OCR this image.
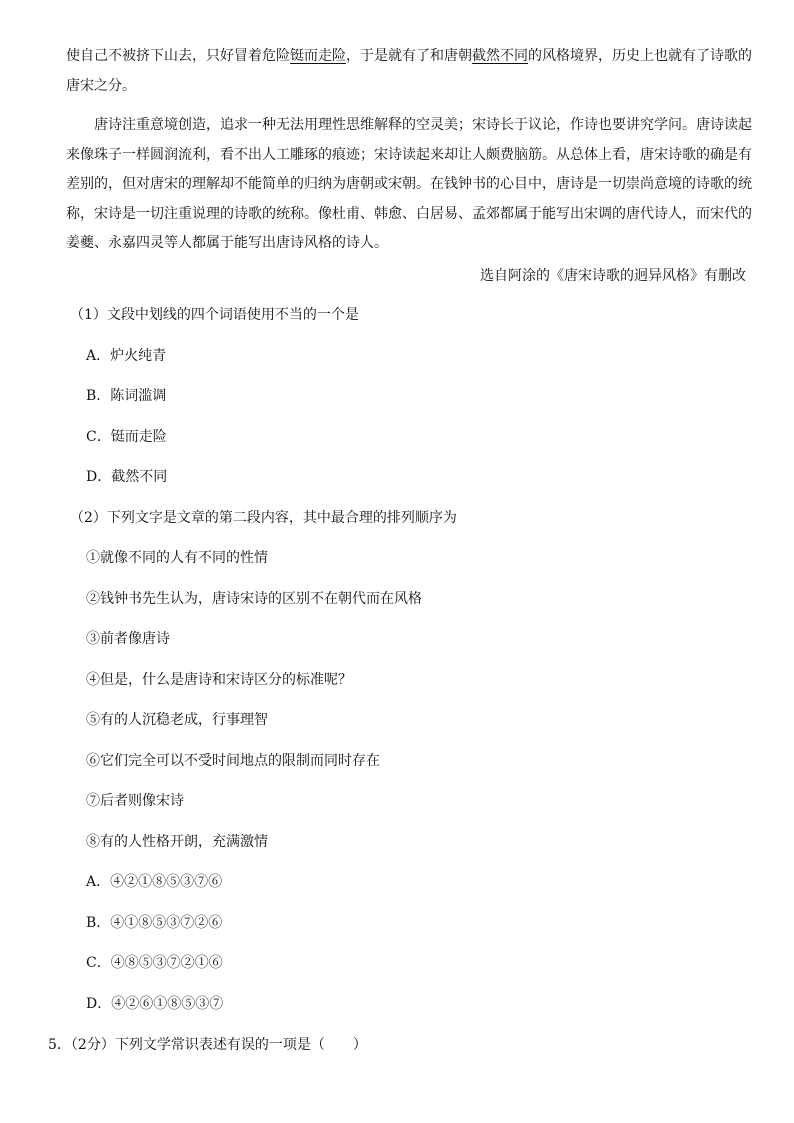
使自己不被挤下山去，只好冒着危险铤而走险，于是就有了和唐朝截然不同的风格境界，历史上也就有了诗歌的唐宋之分。

唐诗注重意境创造，追求一种无法用理性思维解释的空灵美；宋诗长于议论，作诗也要讲究学问。唐诗读起来像珠子一样圆润流利，看不出人工雕琢的痕迹；宋诗读起来却让人颇费脑筋。从总体上看，唐宋诗歌的确是有差别的，但对唐宋的理解却不能简单的归纳为唐朝或宋朝。在钱钟书的心目中，唐诗是一切崇尚意境的诗歌的统称，宋诗是一切注重说理的诗歌的统称。像杜甫、韩愈、白居易、孟郊都属于能写出宋调的唐代诗人，而宋代的姜夔、永嘉四灵等人都属于能写出唐诗风格的诗人。

选自阿涂的《唐宋诗歌的迥异风格》有删改
（1）文段中划线的四个词语使用不当的一个是
A．炉火纯青
B．陈词滥调
C．铤而走险
D．截然不同
（2）下列文字是文章的第二段内容，其中最合理的排列顺序为
①就像不同的人有不同的性情
②钱钟书先生认为，唐诗宋诗的区别不在朝代而在风格
③前者像唐诗
④但是，什么是唐诗和宋诗区分的标准呢？
⑤有的人沉稳老成，行事理智
⑥它们完全可以不受时间地点的限制而同时存在
⑦后者则像宋诗
⑧有的人性格开朗，充满激情
A．④②①⑧⑤③⑦⑥
B．④①⑧⑤③⑦②⑥
C．④⑧⑤③⑦②①⑥
D．④②⑥①⑧⑤③⑦
5．（2分）下列文学常识表述有误的一项是（　　）
